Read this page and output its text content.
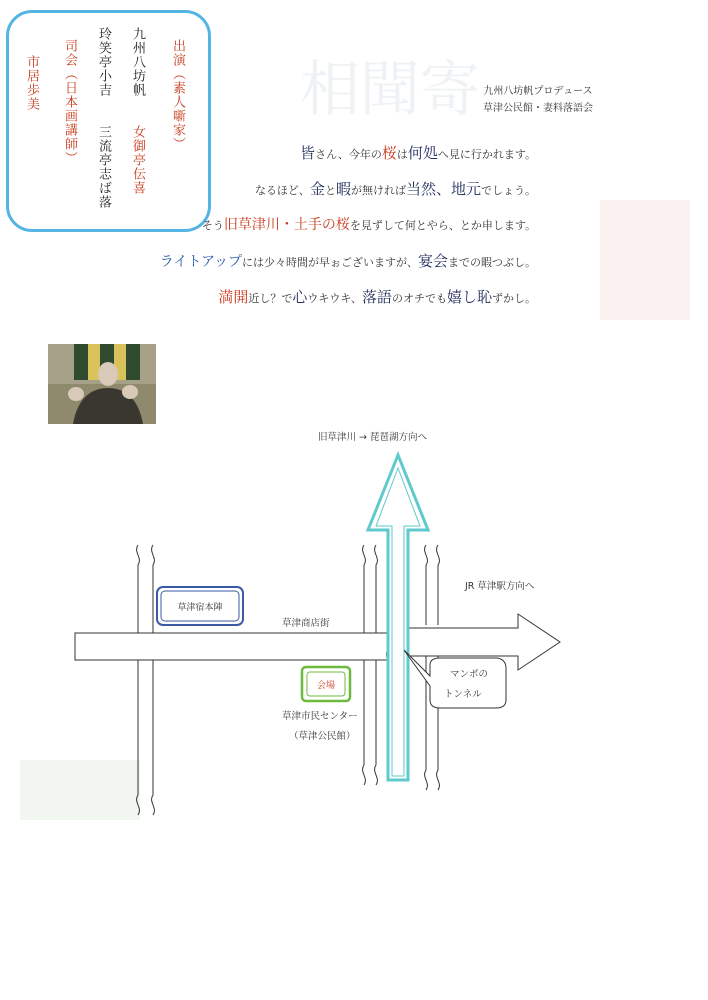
相 聞 寄
出演（素人噺家）
九州八坊帆
玲笑亭小吉
女御亭伝喜
三流亭志ば落
司会（日本画講師）
市居歩美	九州八坊帆プロデュース
草津公民館・妻料落語会
皆さん、今年の桜は何処へ見に行かれます。
なるほど、金と暇が無ければ当然、地元でしょう。
そう旧草津川・土手の桜を見ずして何とやら、とか申します。
ライトアップには少々時間が早ぉございますが、宴会までの暇つぶし。
満開近し？で心ウキウキ、落語のオチでも嬉し恥ずかし。
草津宿本陣
会場
マンボの
トンネル
旧草津川 → 琵琶湖方向へ
JR 草津駅方向へ
草津商店街
草津市民センター
（草津公民館）
